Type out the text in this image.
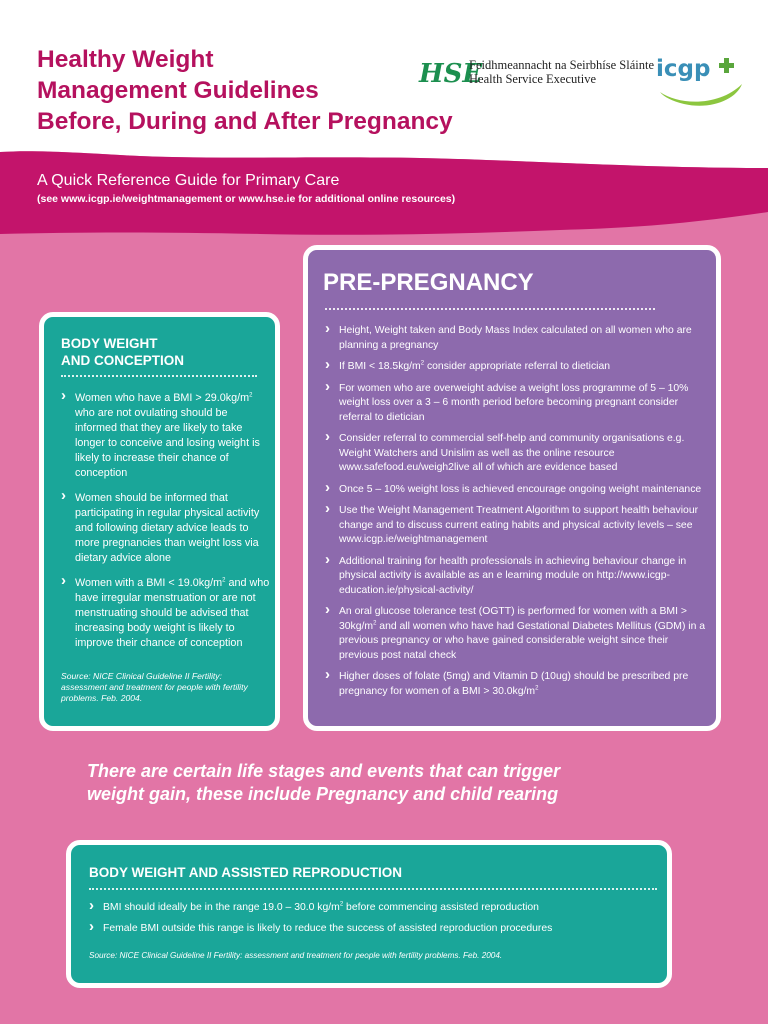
Healthy Weight
Management Guidelines
Before, During and After Pregnancy
HSE
Feidhmeannacht na Seirbhíse Sláinte
Health Service Executive	icgp
A Quick Reference Guide for Primary Care
(see www.icgp.ie/weightmanagement or www.hse.ie for additional online resources)
BODY WEIGHT
AND CONCEPTION
› Women who have a BMI > $29.0kg/m^2$ who are not ovulating should be informed that they are likely to take longer to conceive and losing weight is likely to increase their chance of conception
› Women should be informed that participating in regular physical activity and following dietary advice leads to more pregnancies than weight loss via dietary advice alone
› Women with a BMI < $19.0kg/m^2$ and who have irregular menstruation or are not menstruating should be advised that increasing body weight is likely to improve their chance of conception
Source: NICE Clinical Guideline II Fertility: assessment and treatment for people with fertility problems. Feb. 2004.
PRE-PREGNANCY
› Height, Weight taken and Body Mass Index calculated on all women who are planning a pregnancy
› If BMI < $18.5kg/m^2$ consider appropriate referral to dietician
› For women who are overweight advise a weight loss programme of 5 – 10% weight loss over a 3 – 6 month period before becoming pregnant consider referral to dietician
› Consider referral to commercial self-help and community organisations e.g. Weight Watchers and Unislim as well as the online resource www.safefood.eu/weigh2live all of which are evidence based
› Once 5 – 10% weight loss is achieved encourage ongoing weight maintenance
› Use the Weight Management Treatment Algorithm to support health behaviour change and to discuss current eating habits and physical activity levels – see www.icgp.ie/weightmanagement
› Additional training for health professionals in achieving behaviour change in physical activity is available as an e learning module on http://www.icgp-education.ie/physical-activity/
› An oral glucose tolerance test (OGTT) is performed for women with a BMI > $30kg/m^2$ and all women who have had Gestational Diabetes Mellitus (GDM) in a previous pregnancy or who have gained considerable weight since their previous post natal check
› Higher doses of folate (5mg) and Vitamin D (10ug) should be prescribed pre pregnancy for women of a BMI > $30.0kg/m^2$
There are certain life stages and events that can trigger
weight gain, these include Pregnancy and child rearing
BODY WEIGHT AND ASSISTED REPRODUCTION
› BMI should ideally be in the range 19.0 – 30.0 $kg/m^2$ before commencing assisted reproduction
› Female BMI outside this range is likely to reduce the success of assisted reproduction procedures
Source: NICE Clinical Guideline II Fertility: assessment and treatment for people with fertility problems. Feb. 2004.
